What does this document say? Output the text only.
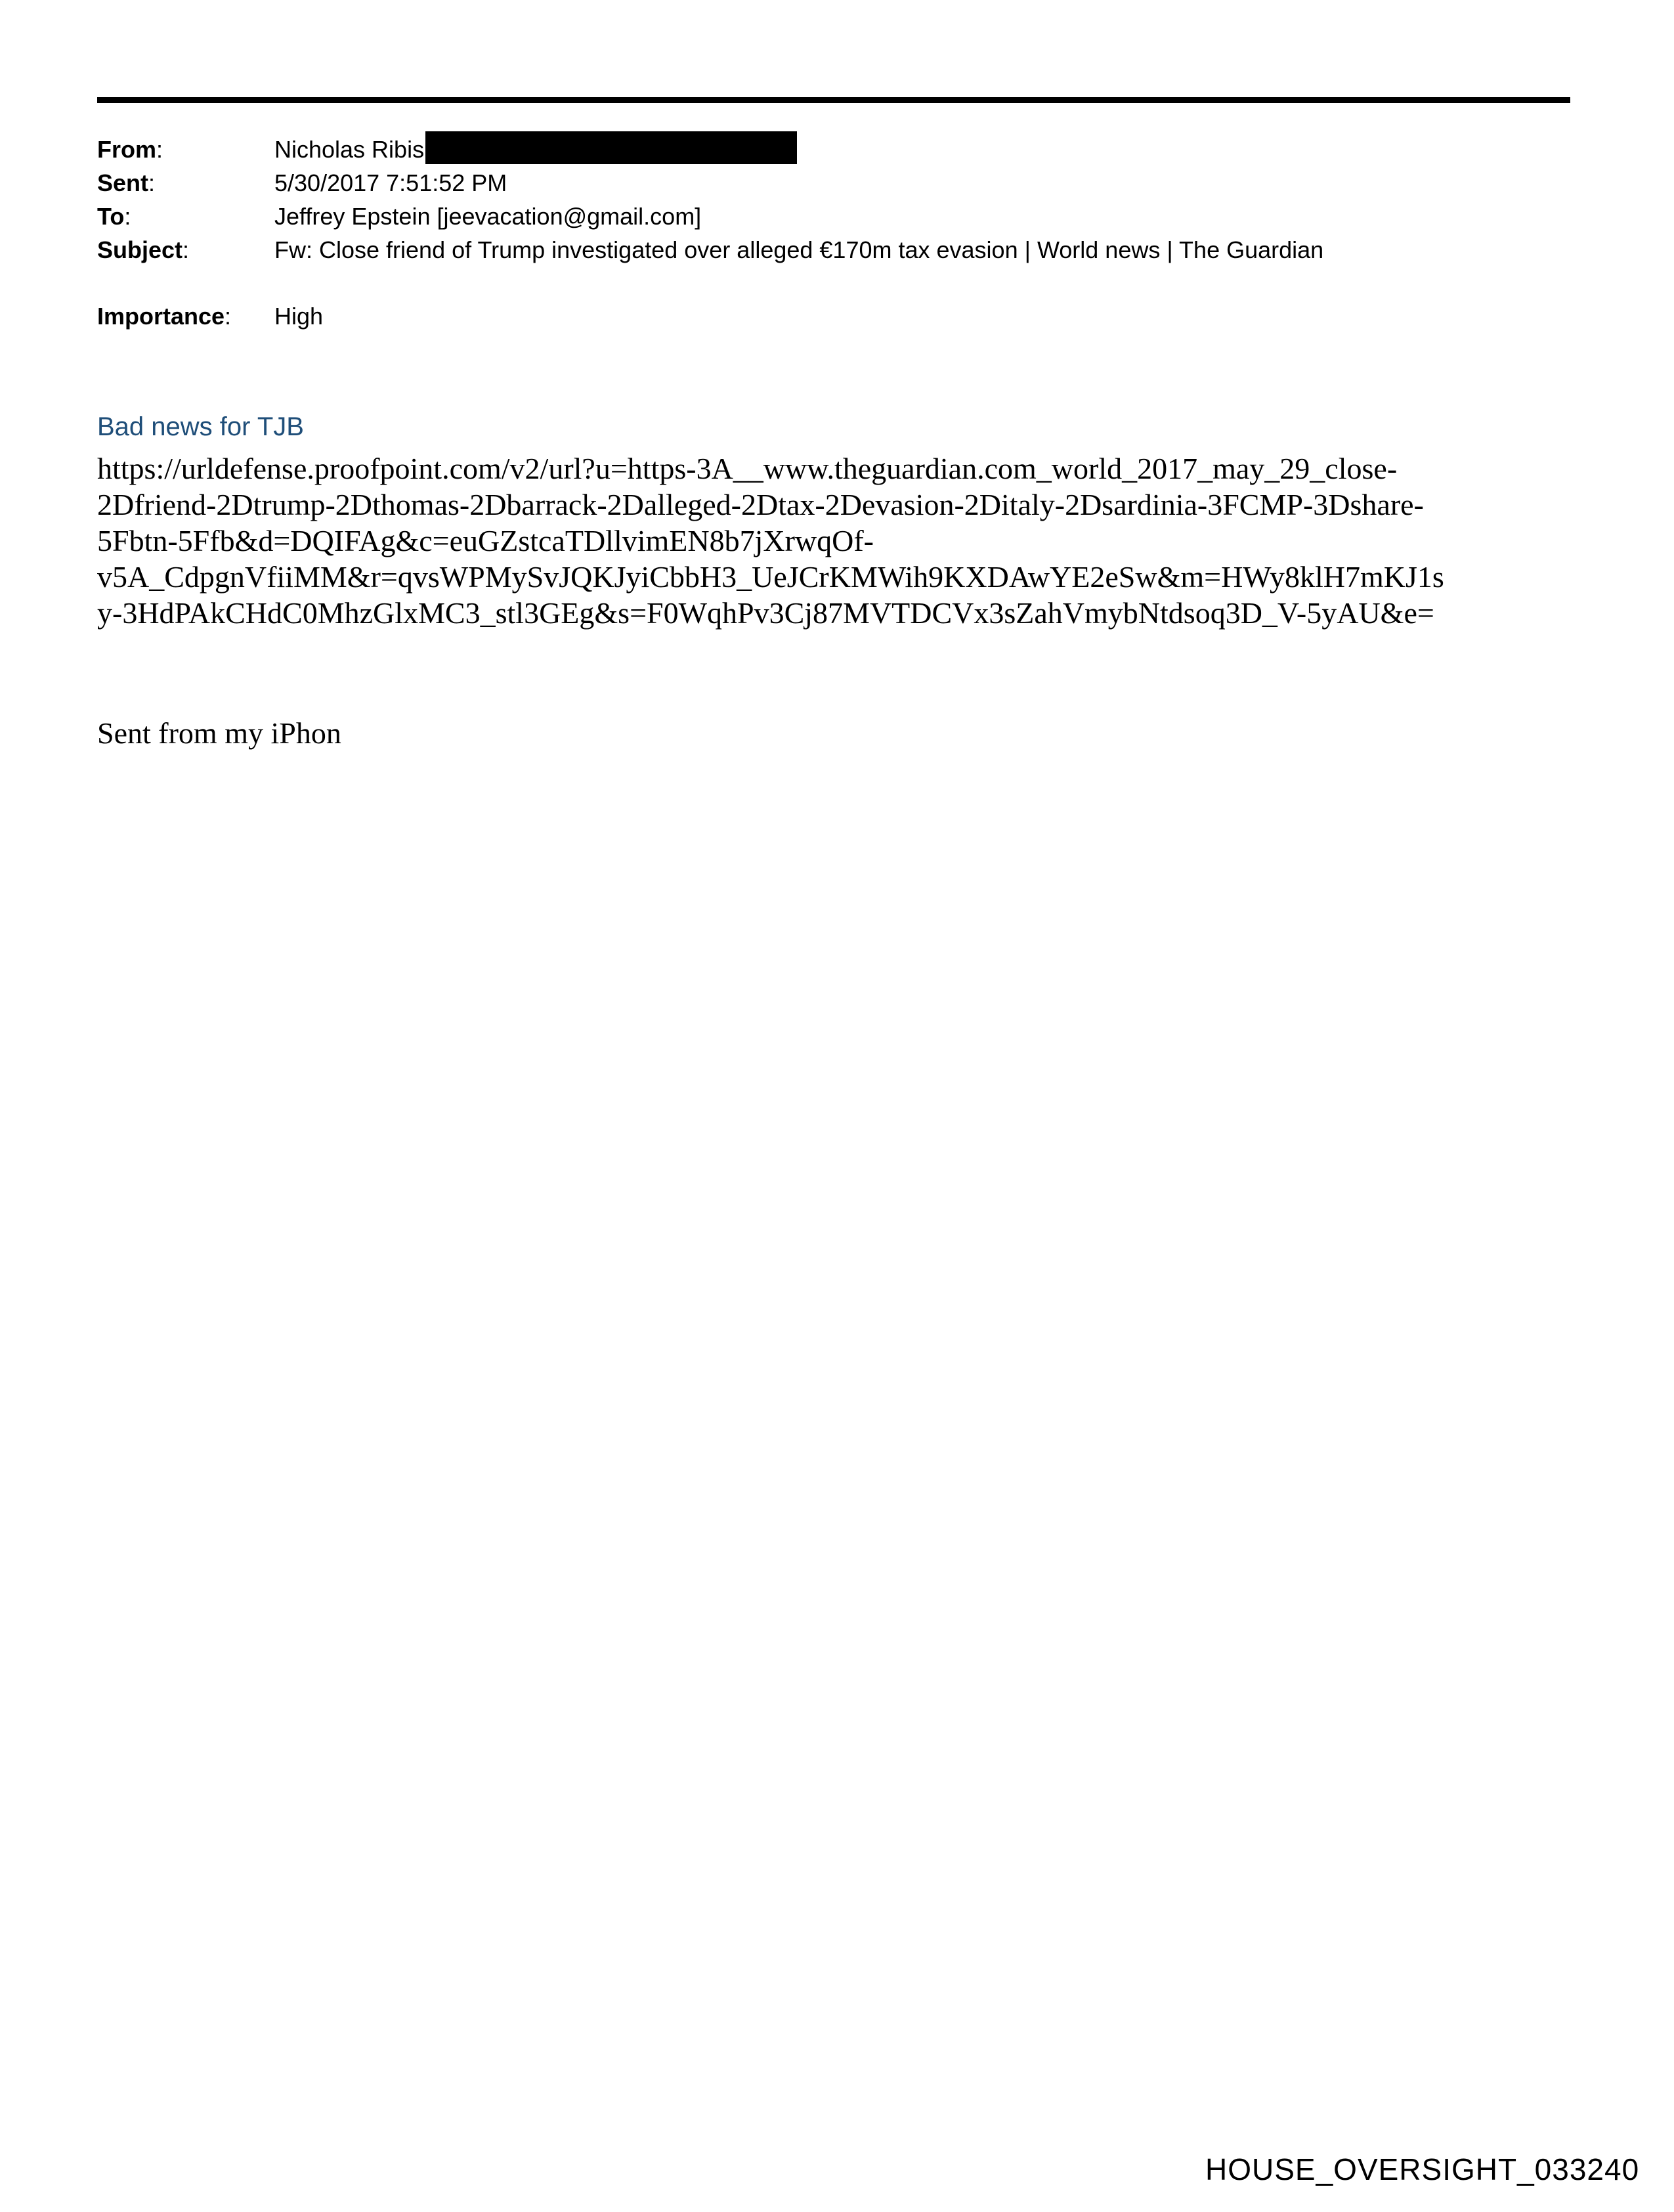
From:	Nicholas Ribis
Sent:	5/30/2017 7:51:52 PM
To:	Jeffrey Epstein [jeevacation@gmail.com]
Subject:	Fw: Close friend of Trump investigated over alleged €170m tax evasion | World news | The Guardian
Importance:	High
Bad news for TJB
https://urldefense.proofpoint.com/v2/url?u=https-3A__www.theguardian.com_world_2017_may_29_close-
2Dfriend-2Dtrump-2Dthomas-2Dbarrack-2Dalleged-2Dtax-2Devasion-2Ditaly-2Dsardinia-3FCMP-3Dshare-
5Fbtn-5Ffb&d=DQIFAg&c=euGZstcaTDllvimEN8b7jXrwqOf-
v5A_CdpgnVfiiMM&r=qvsWPMySvJQKJyiCbbH3_UeJCrKMWih9KXDAwYE2eSw&m=HWy8klH7mKJ1s
y-3HdPAkCHdC0MhzGlxMC3_stl3GEg&s=F0WqhPv3Cj87MVTDCVx3sZahVmybNtdsoq3D_V-5yAU&e=
Sent from my iPhon
HOUSE_OVERSIGHT_033240
